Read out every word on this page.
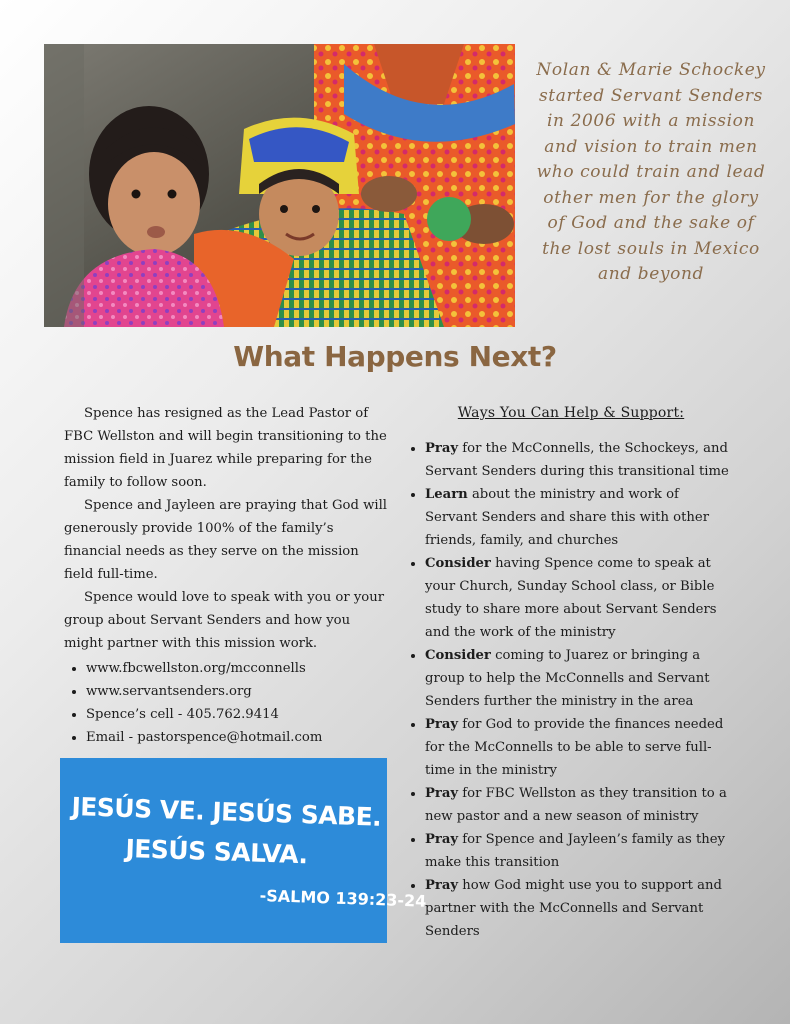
Nolan & Marie Schockey started Servant Senders in 2006 with a mission and vision to train men who could train and lead other men for the glory of God and the sake of the lost souls in Mexico and beyond
What Happens Next?

Spence has resigned as the Lead Pastor of FBC Wellston and will begin transitioning to the mission field in Juarez while preparing for the family to follow soon.

Spence and Jayleen are praying that God will generously provide 100% of the family’s financial needs as they serve on the mission field full-time.

Spence would love to speak with you or your group about Servant Senders and how you might partner with this mission work.

• www.fbcwellston.org/mcconnells
• www.servantsenders.org
• Spence’s cell - 405.762.9414
• Email - pastorspence@hotmail.com
JESÚS VE. JESÚS SABE.
JESÚS SALVA.
-SALMO 139:23-24
Ways You Can Help & Support:
• Pray for the McConnells, the Schockeys, and Servant Senders during this transitional time
• Learn about the ministry and work of Servant Senders and share this with other friends, family, and churches
• Consider having Spence come to speak at your Church, Sunday School class, or Bible study to share more about Servant Senders and the work of the ministry
• Consider coming to Juarez or bringing a group to help the McConnells and Servant Senders further the ministry in the area
• Pray for God to provide the finances needed for the McConnells to be able to serve full-time in the ministry
• Pray for FBC Wellston as they transition to a new pastor and a new season of ministry
• Pray for Spence and Jayleen’s family as they make this transition
• Pray how God might use you to support and partner with the McConnells and Servant Senders
